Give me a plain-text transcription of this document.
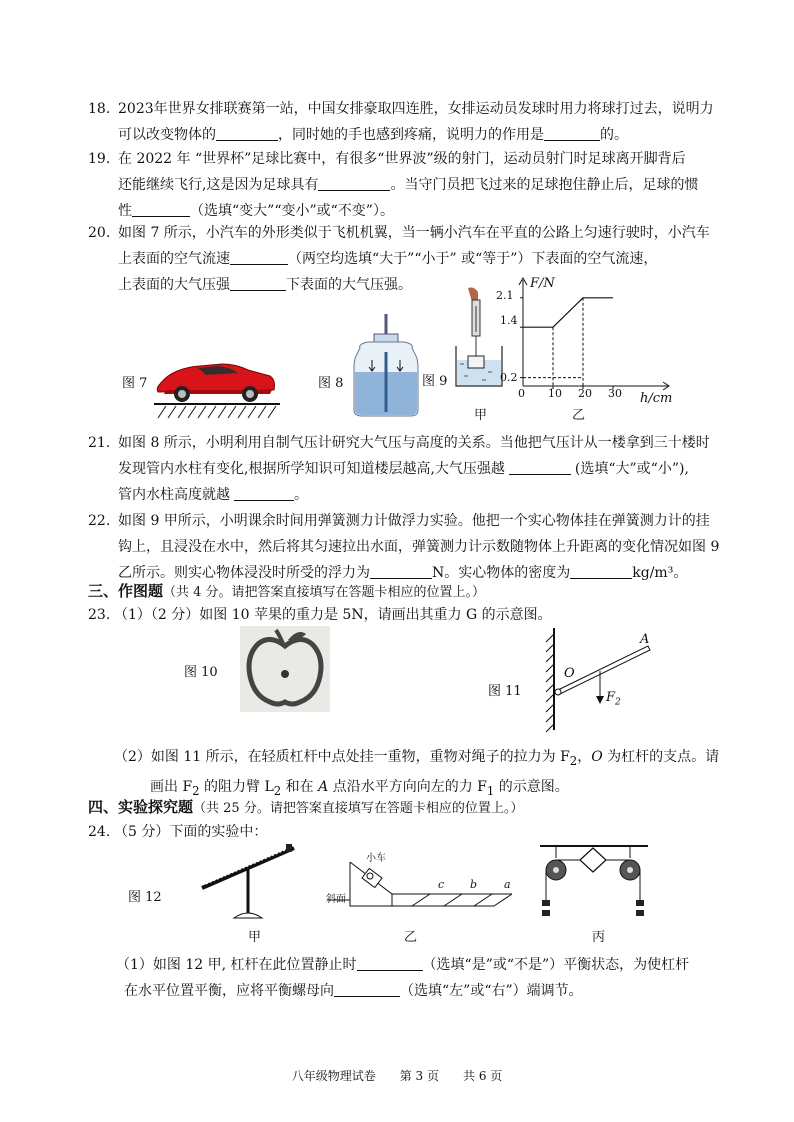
18. 2023年世界女排联赛第一站，中国女排豪取四连胜，女排运动员发球时用力将球打过去，说明力
可以改变物体的	，同时她的手也感到疼痛，说明力的作用是	的。
19. 在 2022 年 “世界杯”足球比赛中，有很多“世界波”级的射门，运动员射门时足球离开脚背后
还能继续飞行,这是因为足球具有	。当守门员把飞过来的足球抱住静止后，足球的惯
性	（选填“变大”“变小”或“不变”）。
20. 如图 7 所示，小汽车的外形类似于飞机机翼，当一辆小汽车在平直的公路上匀速行驶时，小汽车
上表面的空气流速	（两空均选填“大于”“小于” 或“等于”）下表面的空气流速，
上表面的大气压强	下表面的大气压强。
图 7	图 8	图 9
甲
F/N
2.1
1.4
0.2
0 10 20 30 h/cm
乙
21. 如图 8 所示，小明利用自制气压计研究大气压与高度的关系。当他把气压计从一楼拿到三十楼时
发现管内水柱有变化,根据所学知识可知道楼层越高,大气压强越	(选填“大”或“小”),
管内水柱高度就越	。
22. 如图 9 甲所示，小明课余时间用弹簧测力计做浮力实验。他把一个实心物体挂在弹簧测力计的挂
钩上，且浸没在水中，然后将其匀速拉出水面，弹簧测力计示数随物体上升距离的变化情况如图 9
乙所示。则实心物体浸没时所受的浮力为	N。实心物体的密度为	kg/m³。
三、作图题（共 4 分。请把答案直接填写在答题卡相应的位置上。）
23. （1）（2 分）如图 10 苹果的重力是 5N，请画出其重力 G 的示意图。
图 10
图 11
A
O
$F_2$
（2）如图 11 所示，在轻质杠杆中点处挂一重物，重物对绳子的拉力为 $F_2$，O 为杠杆的支点。请
画出 $F_2$ 的阻力臂 $L_2$ 和在 A 点沿水平方向向左的力 $F_1$ 的示意图。
四、实验探究题（共 25 分。请把答案直接填写在答题卡相应的位置上。）
24. （5 分）下面的实验中：
图 12
甲
小车
斜面
c b a
乙	丙
（1）如图 12 甲, 杠杆在此位置静止时	（选填“是”或“不是”）平衡状态，为使杠杆
在水平位置平衡，应将平衡螺母向	（选填“左”或“右”）端调节。
八年级物理试卷　　第 3 页　　共 6 页
